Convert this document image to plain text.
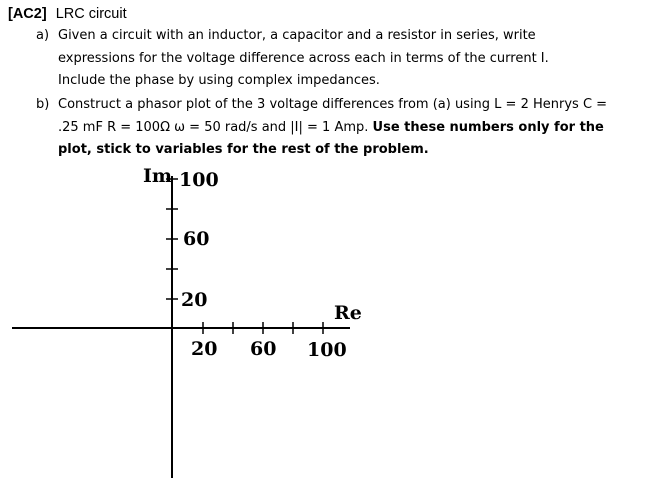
[AC2] LRC circuit
a) Given a circuit with an inductor, a capacitor and a resistor in series, write
expressions for the voltage difference across each in terms of the current I.
Include the phase by using complex impedances.
b) Construct a phasor plot of the 3 voltage differences from (a) using L = 2 Henrys C =
.25 mF R = 100Ω ω = 50 rad/s and |I| = 1 Amp. Use these numbers only for the
plot, stick to variables for the rest of the problem.
Im
Re
100
60
20
20 60 100
